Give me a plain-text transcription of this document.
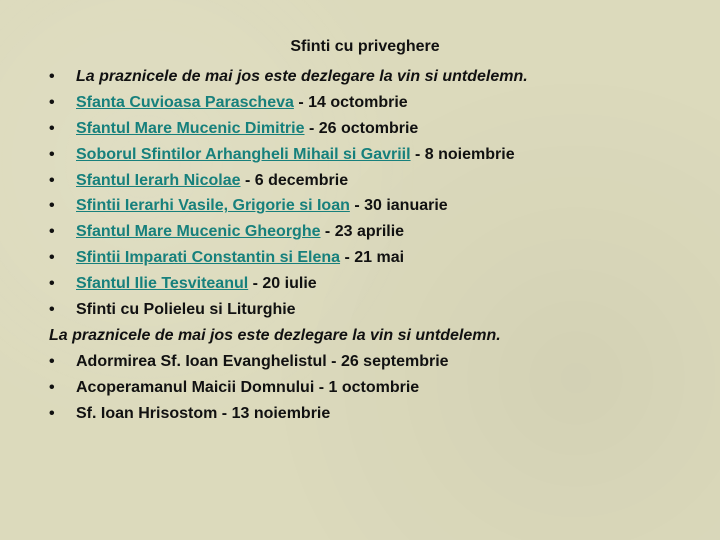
Sfinti cu priveghere
•	La praznicele de mai jos este dezlegare la vin si untdelemn.
•	Sfanta Cuvioasa Parascheva - 14 octombrie
•	Sfantul Mare Mucenic Dimitrie - 26 octombrie
•	Soborul Sfintilor Arhangheli Mihail si Gavriil - 8 noiembrie
•	Sfantul Ierarh Nicolae - 6 decembrie
•	Sfintii Ierarhi Vasile, Grigorie si Ioan - 30 ianuarie
•	Sfantul Mare Mucenic Gheorghe - 23 aprilie
•	Sfintii Imparati Constantin si Elena - 21 mai
•	Sfantul Ilie Tesviteanul - 20 iulie
•	Sfinti cu Polieleu si Liturghie
La praznicele de mai jos este dezlegare la vin si untdelemn.
•	Adormirea Sf. Ioan Evanghelistul - 26 septembrie
•	Acoperamanul Maicii Domnului - 1 octombrie
•	Sf. Ioan Hrisostom - 13 noiembrie
